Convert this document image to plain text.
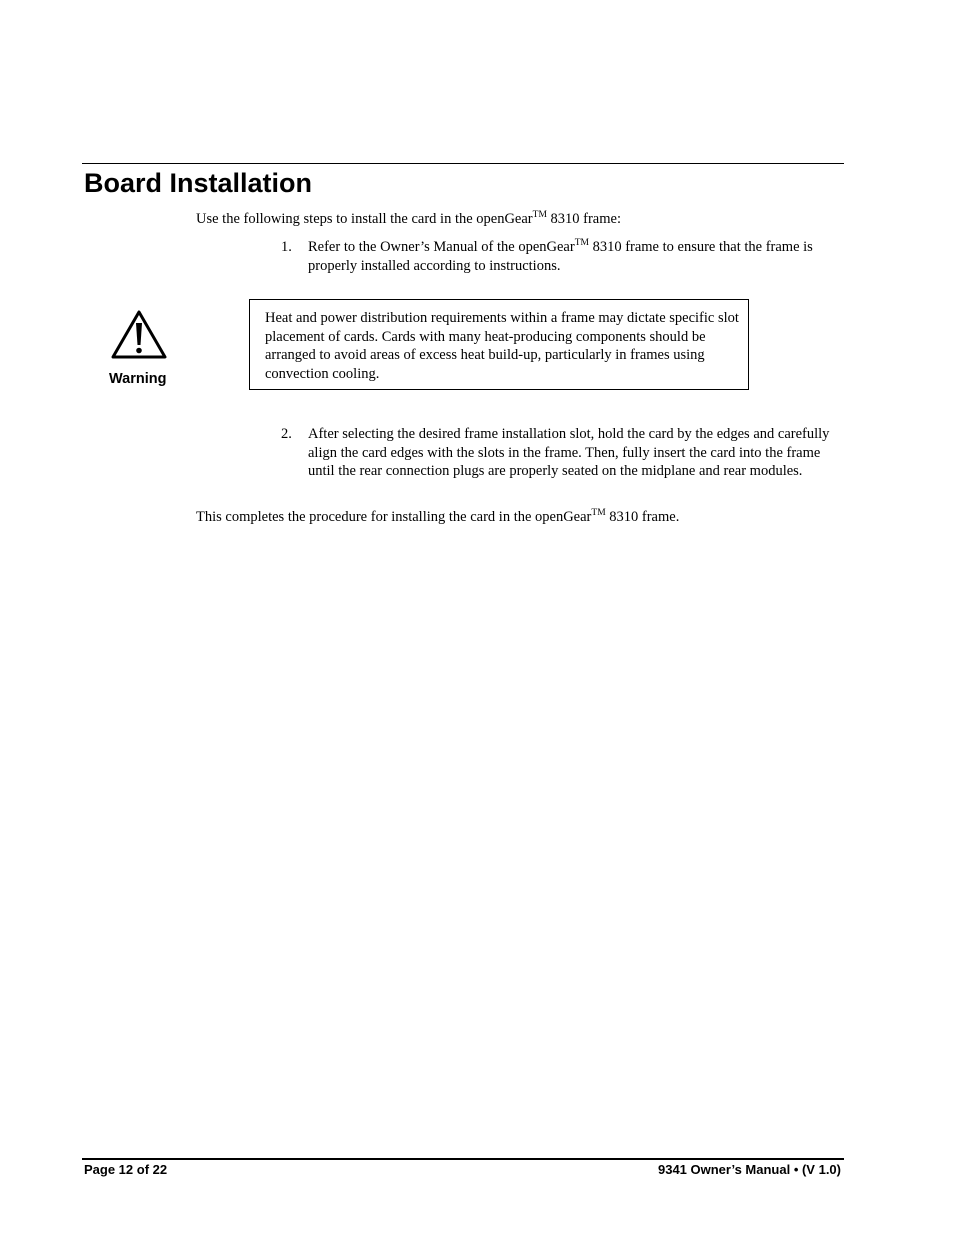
Board Installation
Use the following steps to install the card in the openGear™ 8310 frame:
1. Refer to the Owner’s Manual of the openGear™ 8310 frame to ensure that the frame is properly installed according to instructions.
Warning
Heat and power distribution requirements within a frame may dictate specific slot placement of cards. Cards with many heat-producing components should be arranged to avoid areas of excess heat build-up, particularly in frames using convection cooling.
2. After selecting the desired frame installation slot, hold the card by the edges and carefully align the card edges with the slots in the frame. Then, fully insert the card into the frame until the rear connection plugs are properly seated on the midplane and rear modules.
This completes the procedure for installing the card in the openGear™ 8310 frame.
Page 12 of 22	9341 Owner’s Manual • (V 1.0)
